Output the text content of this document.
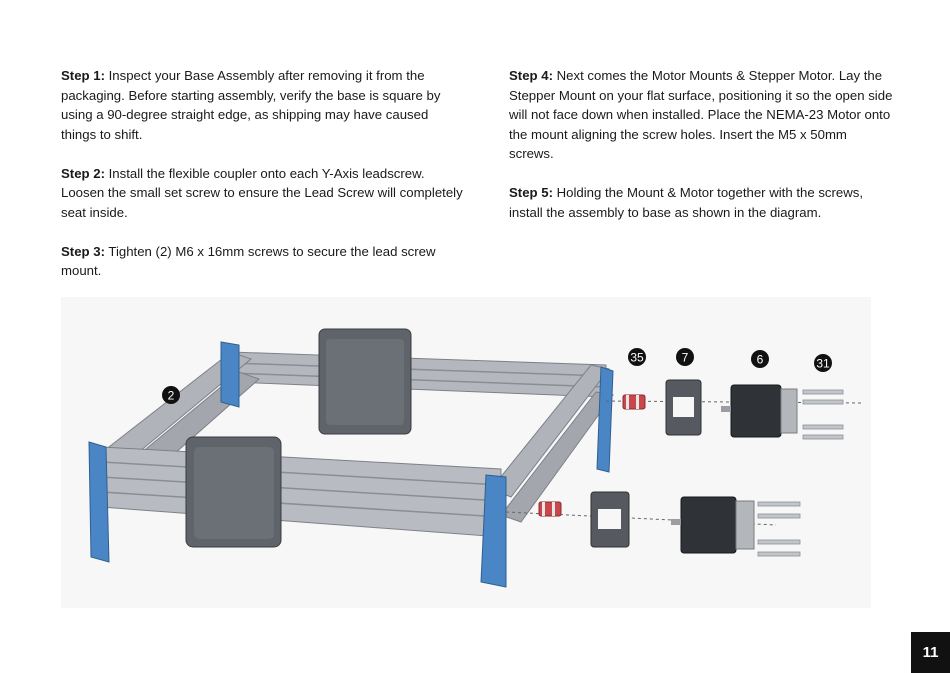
Step 1: Inspect your Base Assembly after removing it from the packaging. Before starting assembly, verify the base is square by using a 90-degree straight edge, as shipping may have caused things to shift.

Step 2: Install the flexible coupler onto each Y-Axis leadscrew. Loosen the small set screw to ensure the Lead Screw will completely seat inside.

Step 3: Tighten (2) M6 x 16mm screws to secure the lead screw mount.

Step 4: Next comes the Motor Mounts & Stepper Motor. Lay the Stepper Mount on your flat surface, positioning it so the open side will not face down when installed. Place the NEMA-23 Motor onto the mount aligning the screw holes. Insert the M5 x 50mm screws.

Step 5: Holding the Mount & Motor together with the screws, install the assembly to base as shown in the diagram.

2
35	7	6	31
11
